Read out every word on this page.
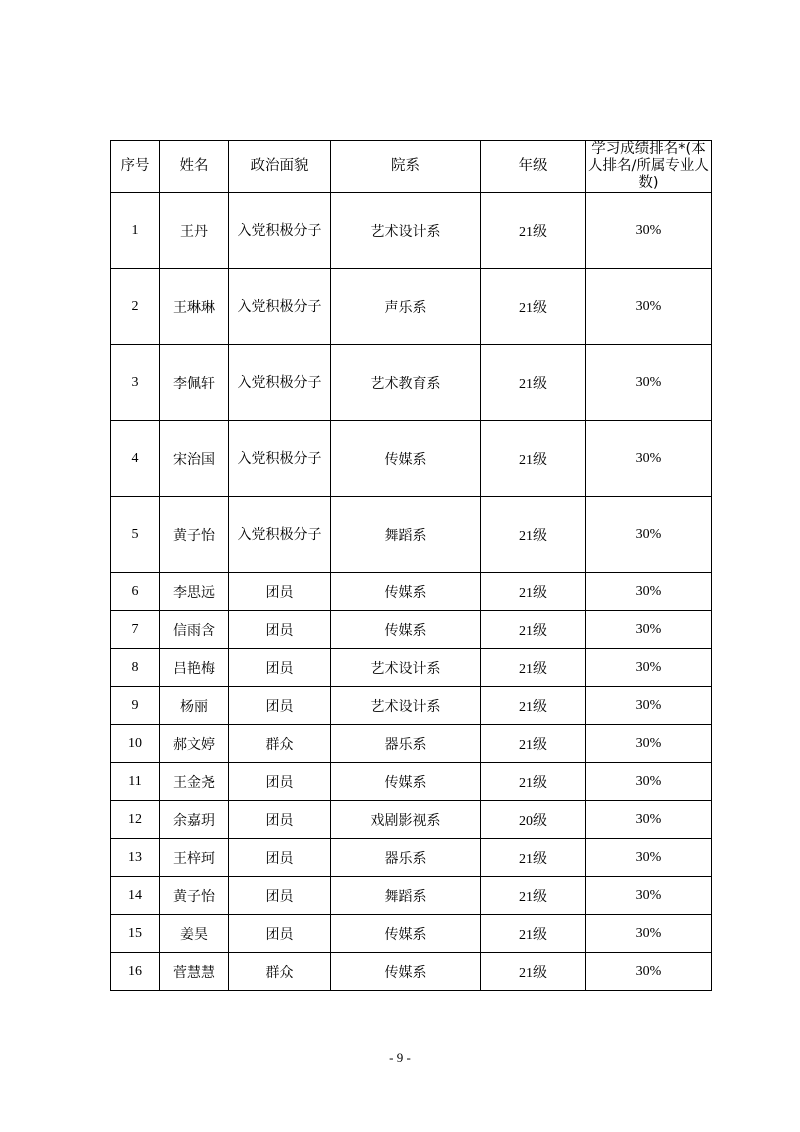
序号	姓名	政治面貌	院系	年级	学习成绩排名*(本人排名/所属专业人数)
1	王丹	入党积极分子	艺术设计系	21级	30%
2	王琳琳	入党积极分子	声乐系	21级	30%
3	李佩轩	入党积极分子	艺术教育系	21级	30%
4	宋治国	入党积极分子	传媒系	21级	30%
5	黄子怡	入党积极分子	舞蹈系	21级	30%
6	李思远	团员	传媒系	21级	30%
7	信雨含	团员	传媒系	21级	30%
8	吕艳梅	团员	艺术设计系	21级	30%
9	杨丽	团员	艺术设计系	21级	30%
10	郝文婷	群众	器乐系	21级	30%
11	王金尧	团员	传媒系	21级	30%
12	余嘉玥	团员	戏剧影视系	20级	30%
13	王梓珂	团员	器乐系	21级	30%
14	黄子怡	团员	舞蹈系	21级	30%
15	姜昊	团员	传媒系	21级	30%
16	菅慧慧	群众	传媒系	21级	30%
- 9 -
